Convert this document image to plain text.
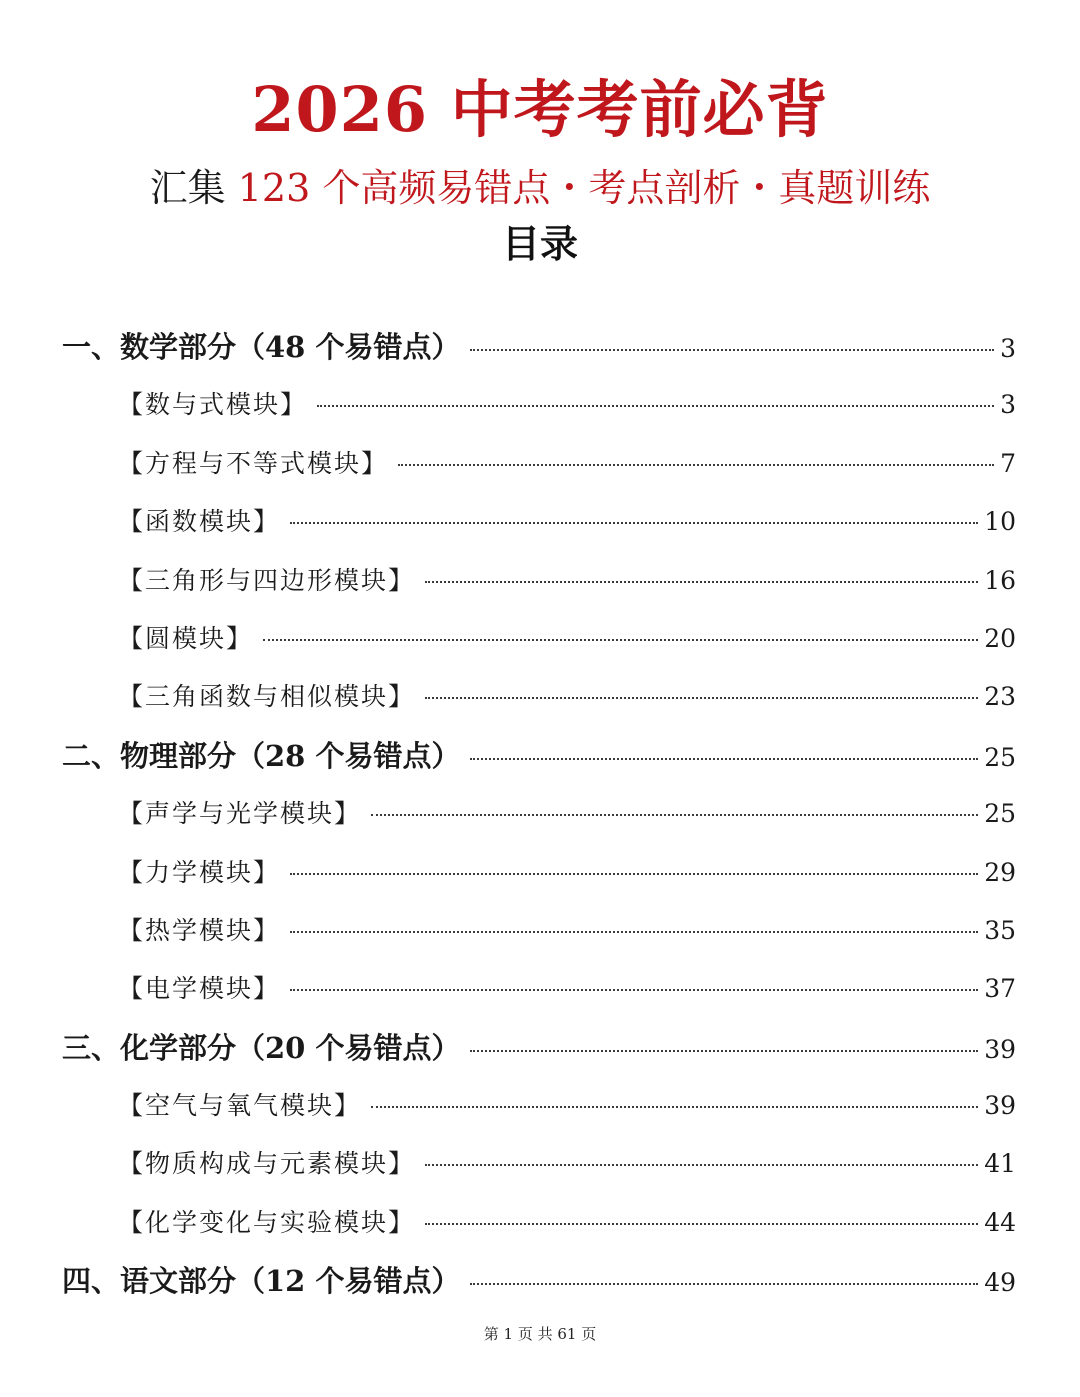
2026 中考考前必背
汇集 123 个高频易错点・考点剖析・真题训练
目录
一、数学部分（48 个易错点）	3
【数与式模块】	3
【方程与不等式模块】	7
【函数模块】	10
【三角形与四边形模块】	16
【圆模块】	20
【三角函数与相似模块】	23
二、物理部分（28 个易错点）	25
【声学与光学模块】	25
【力学模块】	29
【热学模块】	35
【电学模块】	37
三、化学部分（20 个易错点）	39
【空气与氧气模块】	39
【物质构成与元素模块】	41
【化学变化与实验模块】	44
四、语文部分（12 个易错点）	49
第 1 页 共 61 页
